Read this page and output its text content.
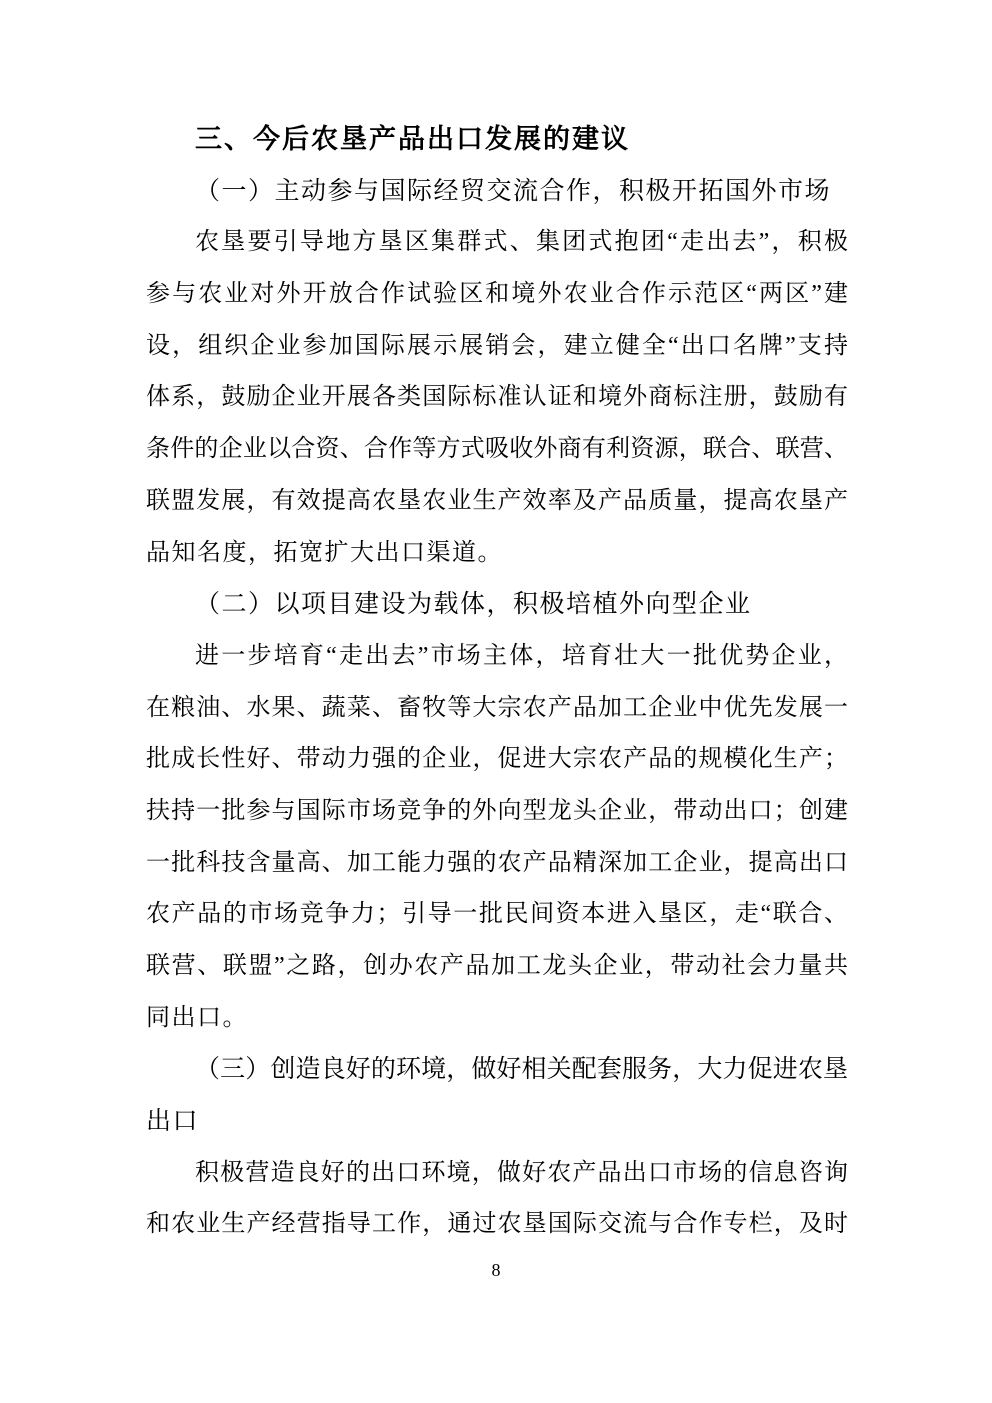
三、今后农垦产品出口发展的建议
（一）主动参与国际经贸交流合作，积极开拓国外市场
农垦要引导地方垦区集群式、集团式抱团“走出去”，积极
参与农业对外开放合作试验区和境外农业合作示范区“两区”建
设，组织企业参加国际展示展销会，建立健全“出口名牌”支持
体系，鼓励企业开展各类国际标准认证和境外商标注册，鼓励有
条件的企业以合资、合作等方式吸收外商有利资源，联合、联营、
联盟发展，有效提高农垦农业生产效率及产品质量，提高农垦产
品知名度，拓宽扩大出口渠道。
（二）以项目建设为载体，积极培植外向型企业
进一步培育“走出去”市场主体，培育壮大一批优势企业，
在粮油、水果、蔬菜、畜牧等大宗农产品加工企业中优先发展一
批成长性好、带动力强的企业，促进大宗农产品的规模化生产；
扶持一批参与国际市场竞争的外向型龙头企业，带动出口；创建
一批科技含量高、加工能力强的农产品精深加工企业，提高出口
农产品的市场竞争力；引导一批民间资本进入垦区，走“联合、
联营、联盟”之路，创办农产品加工龙头企业，带动社会力量共
同出口。
（三）创造良好的环境，做好相关配套服务，大力促进农垦
出口
积极营造良好的出口环境，做好农产品出口市场的信息咨询
和农业生产经营指导工作，通过农垦国际交流与合作专栏，及时
8
